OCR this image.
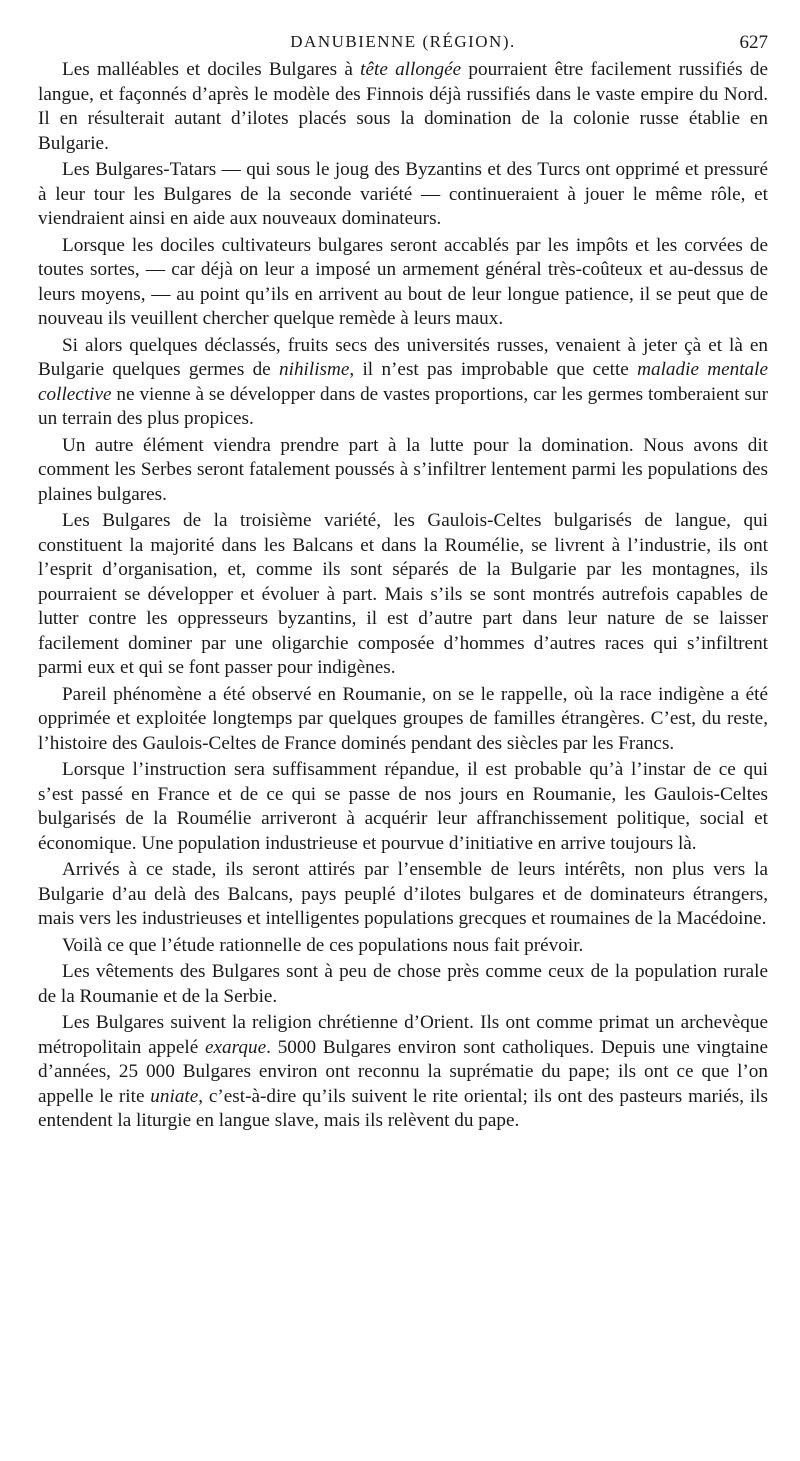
DANUBIENNE (RÉGION).	627

Les malléables et dociles Bulgares à tête allongée pourraient être facilement russifiés de langue, et façonnés d’après le modèle des Finnois déjà russifiés dans le vaste empire du Nord. Il en résulterait autant d’ilotes placés sous la domination de la colonie russe établie en Bulgarie.

Les Bulgares-Tatars — qui sous le joug des Byzantins et des Turcs ont opprimé et pressuré à leur tour les Bulgares de la seconde variété — continueraient à jouer le même rôle, et viendraient ainsi en aide aux nouveaux dominateurs.

Lorsque les dociles cultivateurs bulgares seront accablés par les impôts et les corvées de toutes sortes, — car déjà on leur a imposé un armement général très-coûteux et au-dessus de leurs moyens, — au point qu’ils en arrivent au bout de leur longue patience, il se peut que de nouveau ils veuillent chercher quelque remède à leurs maux.

Si alors quelques déclassés, fruits secs des universités russes, venaient à jeter çà et là en Bulgarie quelques germes de nihilisme, il n’est pas improbable que cette maladie mentale collective ne vienne à se développer dans de vastes proportions, car les germes tomberaient sur un terrain des plus propices.

Un autre élément viendra prendre part à la lutte pour la domination. Nous avons dit comment les Serbes seront fatalement poussés à s’infiltrer lentement parmi les populations des plaines bulgares.

Les Bulgares de la troisième variété, les Gaulois-Celtes bulgarisés de langue, qui constituent la majorité dans les Balcans et dans la Roumélie, se livrent à l’industrie, ils ont l’esprit d’organisation, et, comme ils sont séparés de la Bulgarie par les montagnes, ils pourraient se développer et évoluer à part. Mais s’ils se sont montrés autrefois capables de lutter contre les oppresseurs byzantins, il est d’autre part dans leur nature de se laisser facilement dominer par une oligarchie composée d’hommes d’autres races qui s’infiltrent parmi eux et qui se font passer pour indigènes.

Pareil phénomène a été observé en Roumanie, on se le rappelle, où la race indigène a été opprimée et exploitée longtemps par quelques groupes de familles étrangères. C’est, du reste, l’histoire des Gaulois-Celtes de France dominés pendant des siècles par les Francs.

Lorsque l’instruction sera suffisamment répandue, il est probable qu’à l’instar de ce qui s’est passé en France et de ce qui se passe de nos jours en Roumanie, les Gaulois-Celtes bulgarisés de la Roumélie arriveront à acquérir leur affranchissement politique, social et économique. Une population industrieuse et pourvue d’initiative en arrive toujours là.

Arrivés à ce stade, ils seront attirés par l’ensemble de leurs intérêts, non plus vers la Bulgarie d’au delà des Balcans, pays peuplé d’ilotes bulgares et de dominateurs étrangers, mais vers les industrieuses et intelligentes populations grecques et roumaines de la Macédoine.

Voilà ce que l’étude rationnelle de ces populations nous fait prévoir.

Les vêtements des Bulgares sont à peu de chose près comme ceux de la population rurale de la Roumanie et de la Serbie.

Les Bulgares suivent la religion chrétienne d’Orient. Ils ont comme primat un archevèque métropolitain appelé exarque. 5000 Bulgares environ sont catholiques. Depuis une vingtaine d’années, 25 000 Bulgares environ ont reconnu la suprématie du pape; ils ont ce que l’on appelle le rite uniate, c’est-à-dire qu’ils suivent le rite oriental; ils ont des pasteurs mariés, ils entendent la liturgie en langue slave, mais ils relèvent du pape.
